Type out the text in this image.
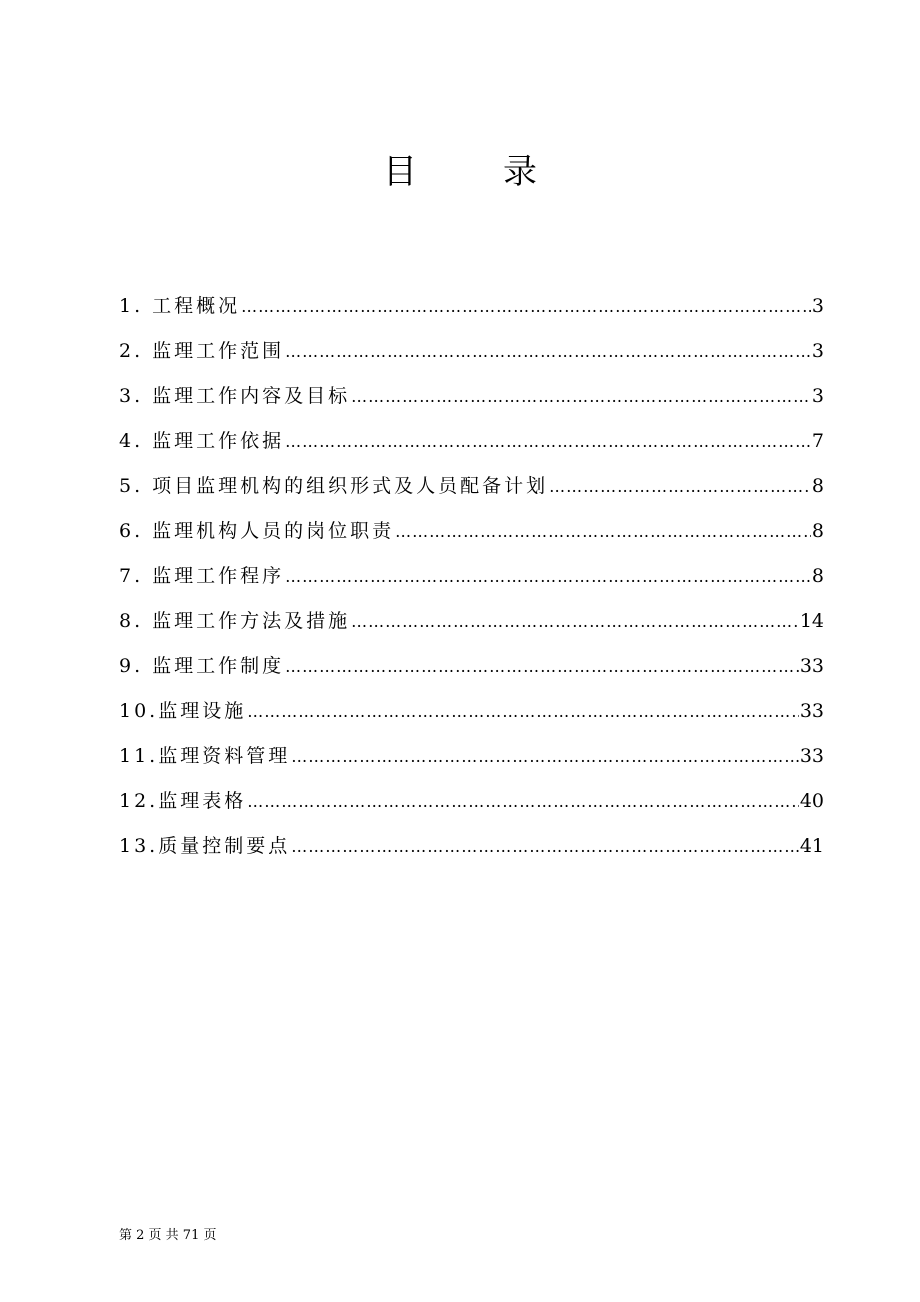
目	录
1. 工程概况 ……………………………………………………………………………………………………………………………………………………………………	3
2. 监理工作范围 ……………………………………………………………………………………………………………………………………………………………………	3
3. 监理工作内容及目标 ……………………………………………………………………………………………………………………………………………………………………	3
4. 监理工作依据 ……………………………………………………………………………………………………………………………………………………………………	7
5. 项目监理机构的组织形式及人员配备计划 ……………………………………………………………………………………………………………………………………………………………………	8
6. 监理机构人员的岗位职责 ……………………………………………………………………………………………………………………………………………………………………	8
7. 监理工作程序 ……………………………………………………………………………………………………………………………………………………………………	8
8. 监理工作方法及措施 ……………………………………………………………………………………………………………………………………………………………………	14
9. 监理工作制度 ……………………………………………………………………………………………………………………………………………………………………	33
10.监理设施 ……………………………………………………………………………………………………………………………………………………………………	33
11.监理资料管理 ……………………………………………………………………………………………………………………………………………………………………	33
12.监理表格 ……………………………………………………………………………………………………………………………………………………………………	40
13.质量控制要点 ……………………………………………………………………………………………………………………………………………………………………	41
第 2 页 共 71 页
